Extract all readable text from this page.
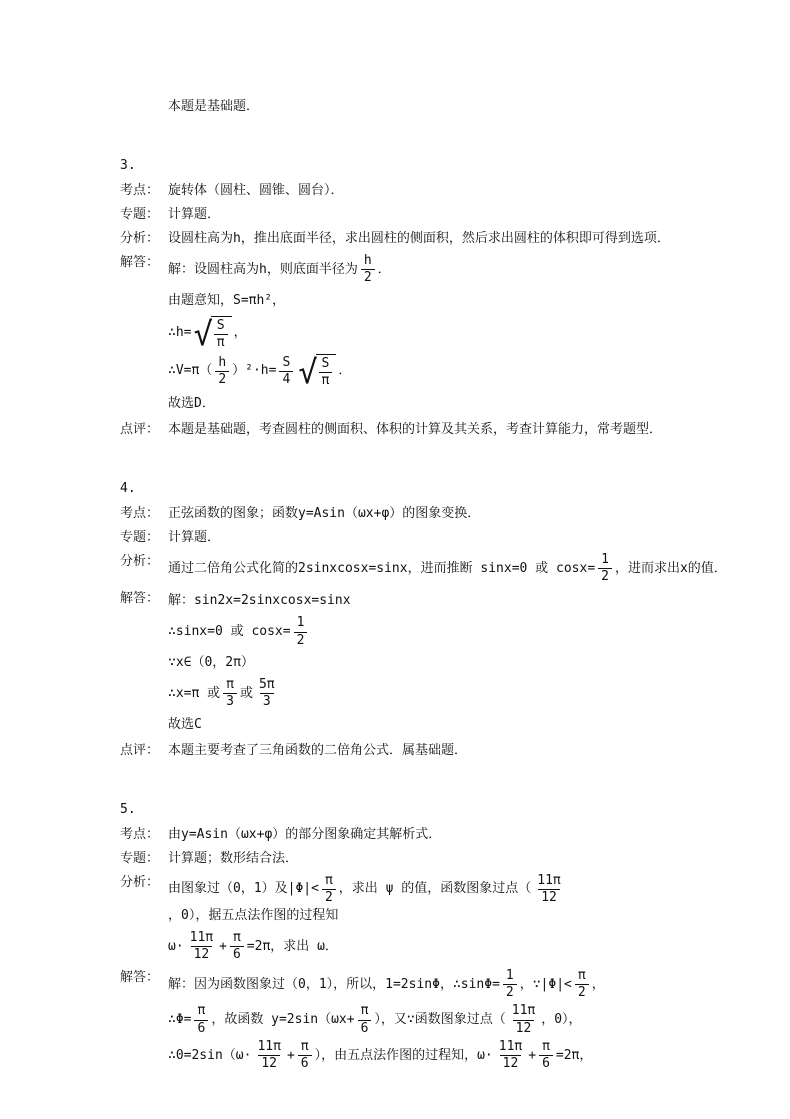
本题是基础题．
3.
考点： 旋转体（圆柱、圆锥、圆台）．
专题： 计算题．
分析： 设圆柱高为h，推出底面半径，求出圆柱的侧面积，然后求出圆柱的体积即可得到选项．
解答： 解：设圆柱高为h，则底面半径为 $\frac{h}{2}$ ．
由题意知，S=πh²，
∴h= √ $\frac{S}{\pi}$ ，
∴V=π（ $\frac{h}{2} )^2\cdot h= \frac{S}{4}$ √ $\frac{S}{\pi}$ ．
故选D．
点评： 本题是基础题，考查圆柱的侧面积、体积的计算及其关系，考查计算能力，常考题型．
4.
考点： 正弦函数的图象；函数y=Asin（ωx+φ）的图象变换．
专题： 计算题．
分析： 通过二倍角公式化简的2sinxcosx=sinx，进而推断 sinx=0 或 $\cos x= \frac{1}{2}$ ，进而求出x的值．
解答： 解：sin2x=2sinxcosx=sinx
∴sinx=0 或 $\cos x= \frac{1}{2}$
∵x∈（0，2π）
∴x=π 或 $\frac{\pi}{3}$ 或 $\frac{5\pi}{3}$
故选C
点评： 本题主要考查了三角函数的二倍角公式．属基础题．
5.
考点： 由y=Asin（ωx+φ）的部分图象确定其解析式．
专题： 计算题；数形结合法．
分析： 由图象过（0，1）及$|\Phi|< \frac{\pi}{2}$ ，求出 ψ 的值，函数图象过点（ $\frac{11\pi}{12}$
，0），据五点法作图的过程知
$\omega\cdot \frac{11\pi}{12} + \frac{\pi}{6} =2\pi$，求出 ω．
解答： 解：因为函数图象过（0，1），所以，1=2sinΦ，∴sinΦ= $\frac{1}{2}$ ，∵|Φ|< $\frac{\pi}{2}$ ，
∴Φ= $\frac{\pi}{6}$ ，故函数 $y=2\sin(\omega x+ \frac{\pi}{6}$ ），又∵函数图象过点（ $\frac{11\pi}{12}$ ，0），
∴0=2sin（ω· $\frac{11\pi}{12} + \frac{\pi}{6}$ ），由五点法作图的过程知，$\omega\cdot \frac{11\pi}{12} + \frac{\pi}{6} =2\pi$，
